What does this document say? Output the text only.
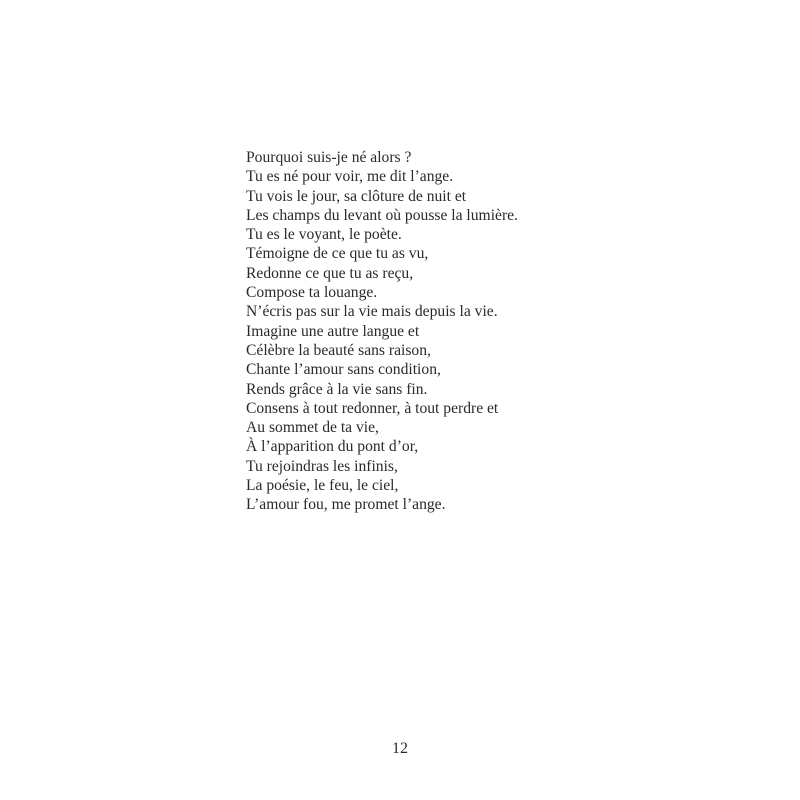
Pourquoi suis-je né alors ?
Tu es né pour voir, me dit l’ange.
Tu vois le jour, sa clôture de nuit et
Les champs du levant où pousse la lumière.
Tu es le voyant, le poète.
Témoigne de ce que tu as vu,
Redonne ce que tu as reçu,
Compose ta louange.
N’écris pas sur la vie mais depuis la vie.
Imagine une autre langue et
Célèbre la beauté sans raison,
Chante l’amour sans condition,
Rends grâce à la vie sans fin.
Consens à tout redonner, à tout perdre et
Au sommet de ta vie,
À l’apparition du pont d’or,
Tu rejoindras les infinis,
La poésie, le feu, le ciel,
L’amour fou, me promet l’ange.
12
